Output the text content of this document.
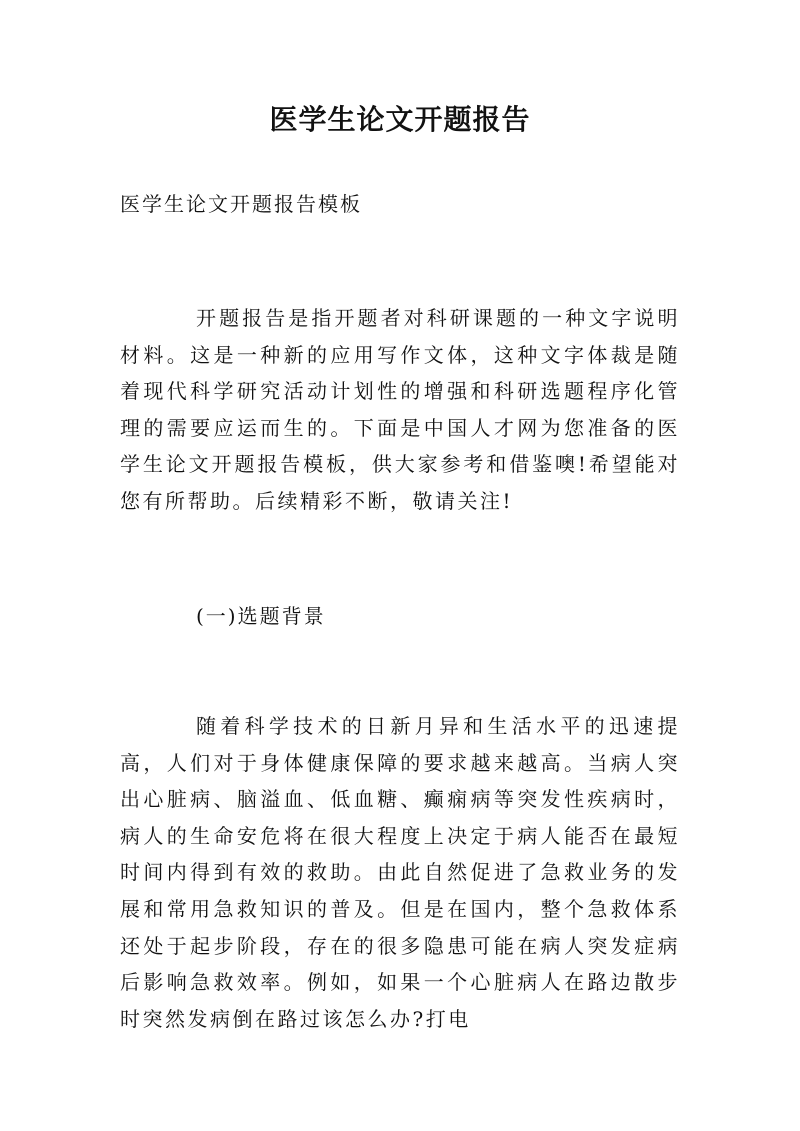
医学生论文开题报告

医学生论文开题报告模板

开题报告是指开题者对科研课题的一种文字说明材料。这是一种新的应用写作文体，这种文字体裁是随着现代科学研究活动计划性的增强和科研选题程序化管理的需要应运而生的。下面是中国人才网为您准备的医学生论文开题报告模板，供大家参考和借鉴噢!希望能对您有所帮助。后续精彩不断，敬请关注!

(一)选题背景

随着科学技术的日新月异和生活水平的迅速提高，人们对于身体健康保障的要求越来越高。当病人突出心脏病、脑溢血、低血糖、癫痫病等突发性疾病时，病人的生命安危将在很大程度上决定于病人能否在最短时间内得到有效的救助。由此自然促进了急救业务的发展和常用急救知识的普及。但是在国内，整个急救体系还处于起步阶段，存在的很多隐患可能在病人突发症病后影响急救效率。例如，如果一个心脏病人在路边散步时突然发病倒在路过该怎么办?打电
